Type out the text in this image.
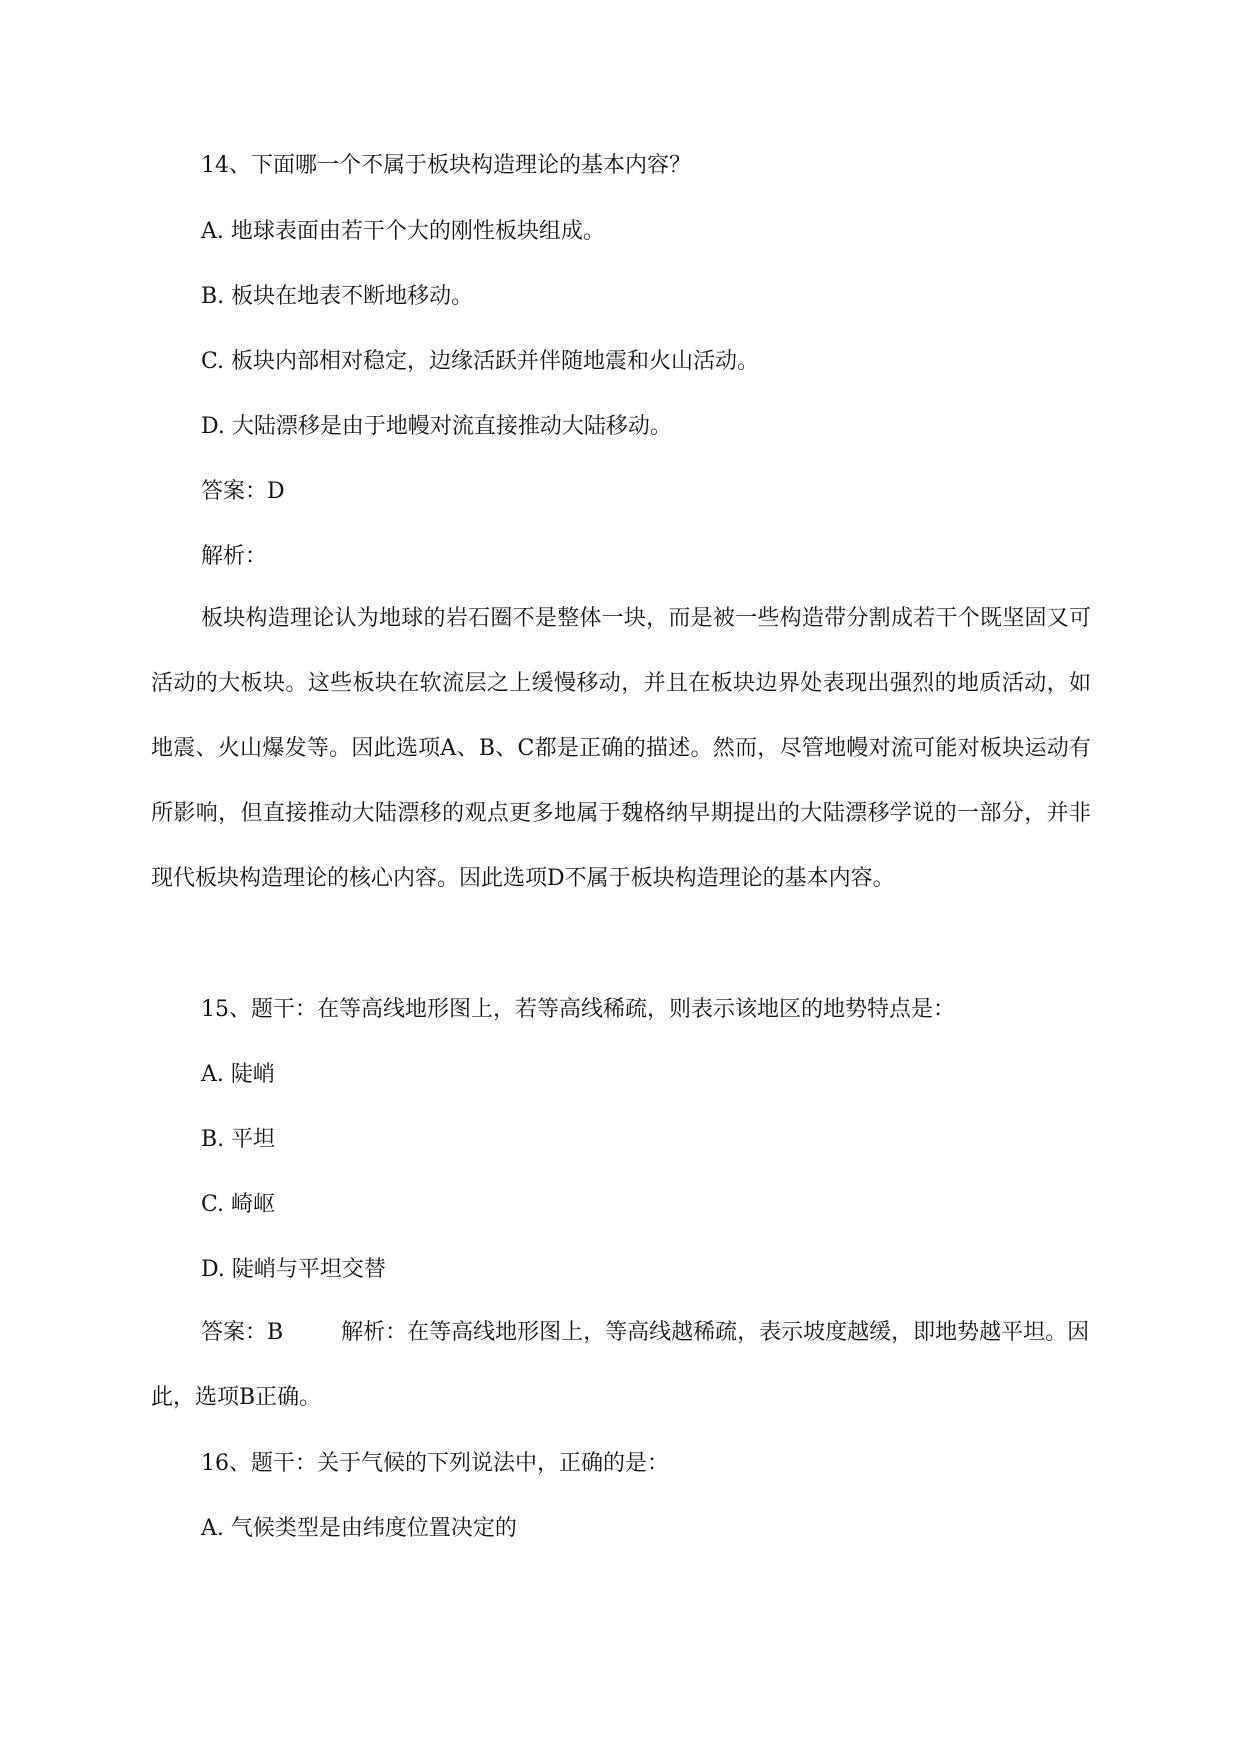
14、下面哪一个不属于板块构造理论的基本内容？
A. 地球表面由若干个大的刚性板块组成。
B. 板块在地表不断地移动。
C. 板块内部相对稳定，边缘活跃并伴随地震和火山活动。
D. 大陆漂移是由于地幔对流直接推动大陆移动。
答案：D
解析：
板块构造理论认为地球的岩石圈不是整体一块，而是被一些构造带分割成若干个既坚固又可活动的大板块。这些板块在软流层之上缓慢移动，并且在板块边界处表现出强烈的地质活动，如地震、火山爆发等。因此选项A、B、C都是正确的描述。然而，尽管地幔对流可能对板块运动有所影响，但直接推动大陆漂移的观点更多地属于魏格纳早期提出的大陆漂移学说的一部分，并非现代板块构造理论的核心内容。因此选项D不属于板块构造理论的基本内容。
15、题干：在等高线地形图上，若等高线稀疏，则表示该地区的地势特点是：
A. 陡峭
B. 平坦
C. 崎岖
D. 陡峭与平坦交替
答案：B	解析：在等高线地形图上，等高线越稀疏，表示坡度越缓，即地势越平坦。因此，选项B正确。
16、题干：关于气候的下列说法中，正确的是：
A. 气候类型是由纬度位置决定的
